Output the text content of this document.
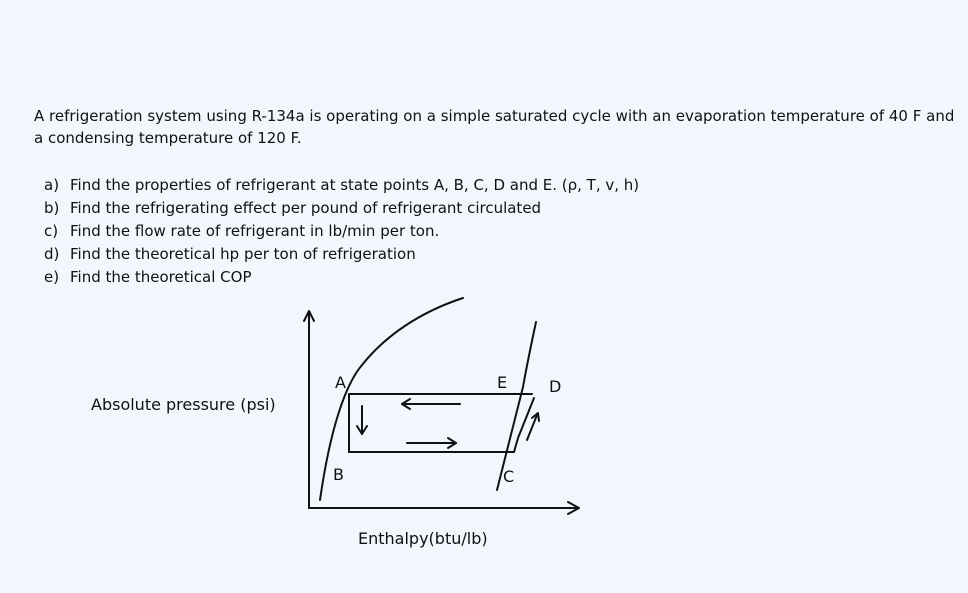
A refrigeration system using R-134a is operating on a simple saturated cycle with an evaporation temperature of 40 F and a condensing temperature of 120 F.

a) Find the properties of refrigerant at state points A, B, C, D and E. (ρ, T, v, h)
b) Find the refrigerating effect per pound of refrigerant circulated
c) Find the flow rate of refrigerant in lb/min per ton.
d) Find the theoretical hp per ton of refrigeration
e) Find the theoretical COP
Absolute pressure (psi)
Enthalpy(btu/lb)
A
B	C
D
E
